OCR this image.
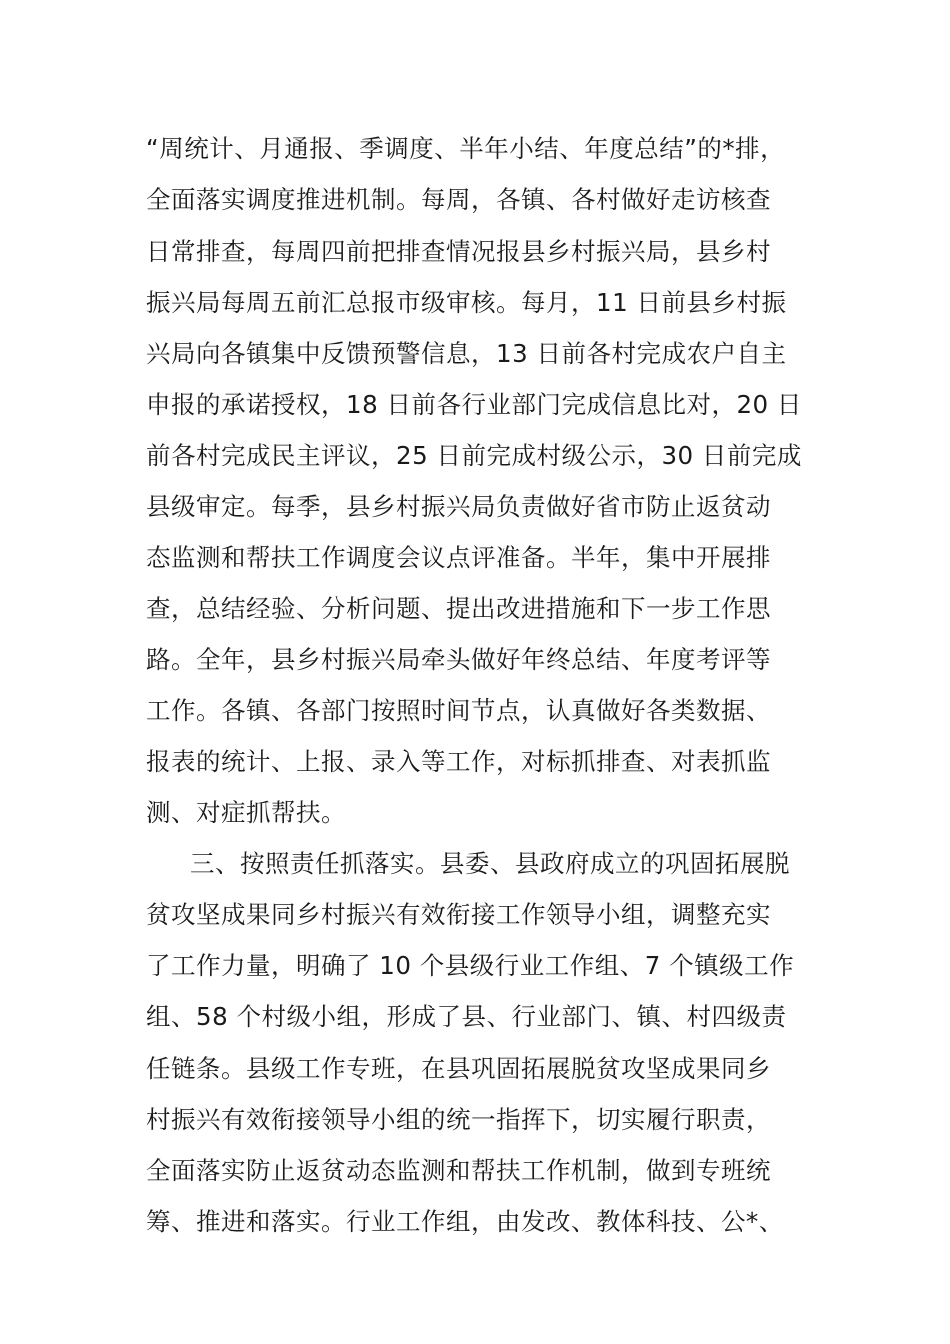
“周统计、月通报、季调度、半年小结、年度总结”的*排，
全面落实调度推进机制。每周，各镇、各村做好走访核查
日常排查，每周四前把排查情况报县乡村振兴局，县乡村
振兴局每周五前汇总报市级审核。每月，11 日前县乡村振
兴局向各镇集中反馈预警信息，13 日前各村完成农户自主
申报的承诺授权，18 日前各行业部门完成信息比对，20 日
前各村完成民主评议，25 日前完成村级公示，30 日前完成
县级审定。每季，县乡村振兴局负责做好省市防止返贫动
态监测和帮扶工作调度会议点评准备。半年，集中开展排
查，总结经验、分析问题、提出改进措施和下一步工作思
路。全年，县乡村振兴局牵头做好年终总结、年度考评等
工作。各镇、各部门按照时间节点，认真做好各类数据、
报表的统计、上报、录入等工作，对标抓排查、对表抓监
测、对症抓帮扶。
三、按照责任抓落实。县委、县政府成立的巩固拓展脱
贫攻坚成果同乡村振兴有效衔接工作领导小组，调整充实
了工作力量，明确了 10 个县级行业工作组、7 个镇级工作
组、58 个村级小组，形成了县、行业部门、镇、村四级责
任链条。县级工作专班，在县巩固拓展脱贫攻坚成果同乡
村振兴有效衔接领导小组的统一指挥下，切实履行职责，
全面落实防止返贫动态监测和帮扶工作机制，做到专班统
筹、推进和落实。行业工作组，由发改、教体科技、公*、
